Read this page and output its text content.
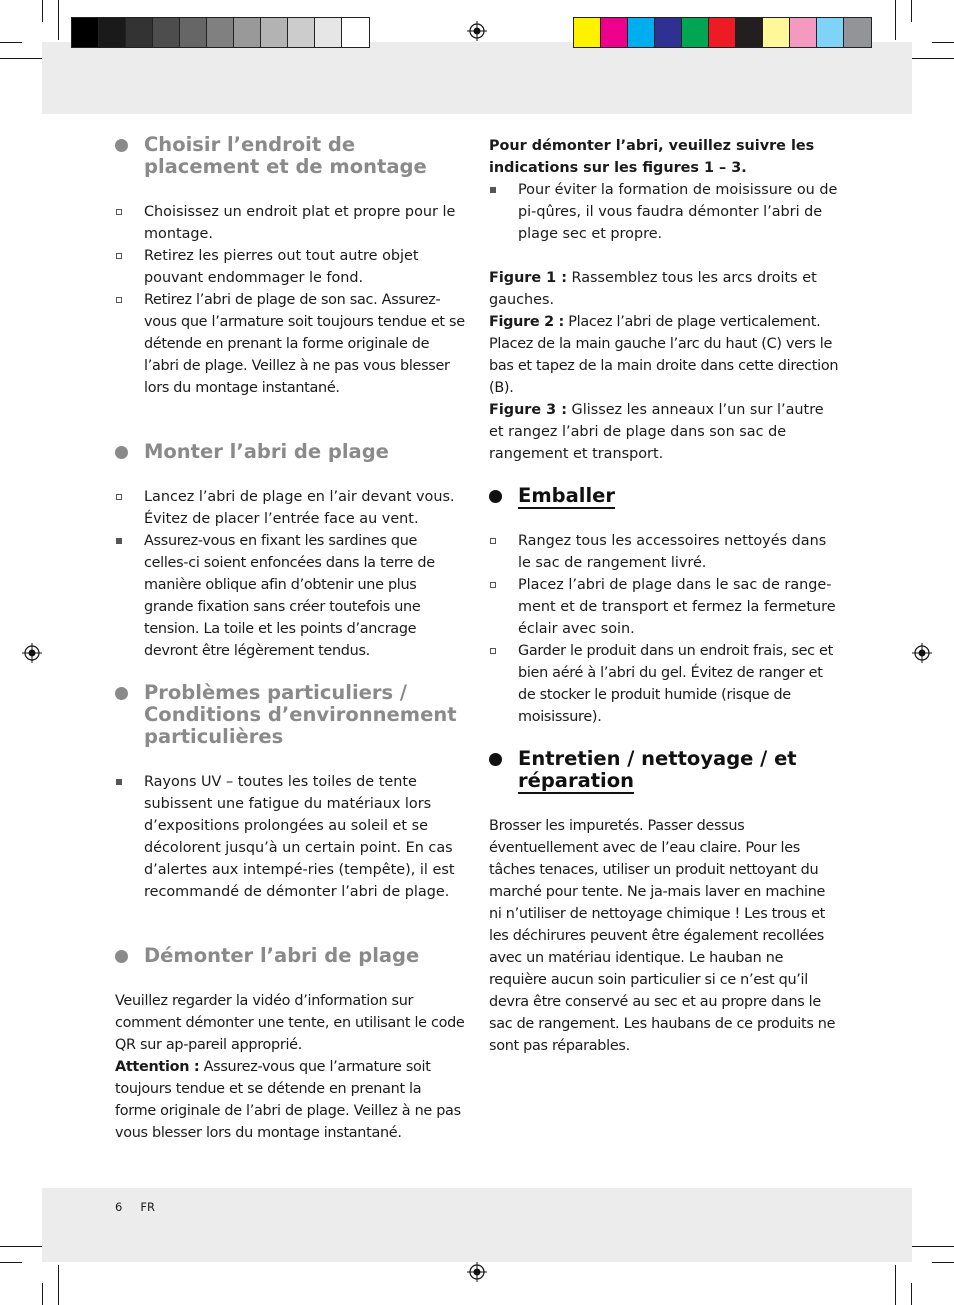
Choisir l’endroit de placement et de montage
Choisissez un endroit plat et propre pour le montage.
Retirez les pierres out tout autre objet pouvant endommager le fond.
Retirez l’abri de plage de son sac. Assurez-vous que l’armature soit toujours tendue et se détende en prenant la forme originale de l’abri de plage. Veillez à ne pas vous blesser lors du montage instantané.
Monter l’abri de plage
Lancez l’abri de plage en l’air devant vous. Évitez de placer l’entrée face au vent.
Assurez-vous en fixant les sardines que celles-ci soient enfoncées dans la terre de manière oblique afin d’obtenir une plus grande fixation sans créer toutefois une tension. La toile et les points d’ancrage devront être légèrement tendus.
Problèmes particuliers / Conditions d’environnement particulières
Rayons UV – toutes les toiles de tente subissent une fatigue du matériaux lors d’expositions prolongées au soleil et se décolorent jusqu’à un certain point. En cas d’alertes aux intempé-ries (tempête), il est recommandé de démonter l’abri de plage.
Démonter l’abri de plage

Veuillez regarder la vidéo d’information sur comment démonter une tente, en utilisant le code QR sur ap-pareil approprié.

Attention : Assurez-vous que l’armature soit toujours tendue et se détende en prenant la forme originale de l’abri de plage. Veillez à ne pas vous blesser lors du montage instantané.

Pour démonter l’abri, veuillez suivre les indications sur les figures 1 – 3.

Pour éviter la formation de moisissure ou de pi-qûres, il vous faudra démonter l’abri de plage sec et propre.

Figure 1 : Rassemblez tous les arcs droits et gauches.

Figure 2 : Placez l’abri de plage verticalement. Placez de la main gauche l’arc du haut (C) vers le bas et tapez de la main droite dans cette direction (B).

Figure 3 : Glissez les anneaux l’un sur l’autre et rangez l’abri de plage dans son sac de rangement et transport.

Emballer
Rangez tous les accessoires nettoyés dans le sac de rangement livré.
Placez l’abri de plage dans le sac de range-ment et de transport et fermez la fermeture éclair avec soin.
Garder le produit dans un endroit frais, sec et bien aéré à l’abri du gel. Évitez de ranger et de stocker le produit humide (risque de moisissure).
Entretien / nettoyage / et
réparation

Brosser les impuretés. Passer dessus éventuellement avec de l’eau claire. Pour les tâches tenaces, utiliser un produit nettoyant du marché pour tente. Ne ja-mais laver en machine ni n’utiliser de nettoyage chimique ! Les trous et les déchirures peuvent être également recollées avec un matériau identique. Le hauban ne requière aucun soin particulier si ce n’est qu’il devra être conservé au sec et au propre dans le sac de rangement. Les haubans de ce produits ne sont pas réparables.

6 FR
